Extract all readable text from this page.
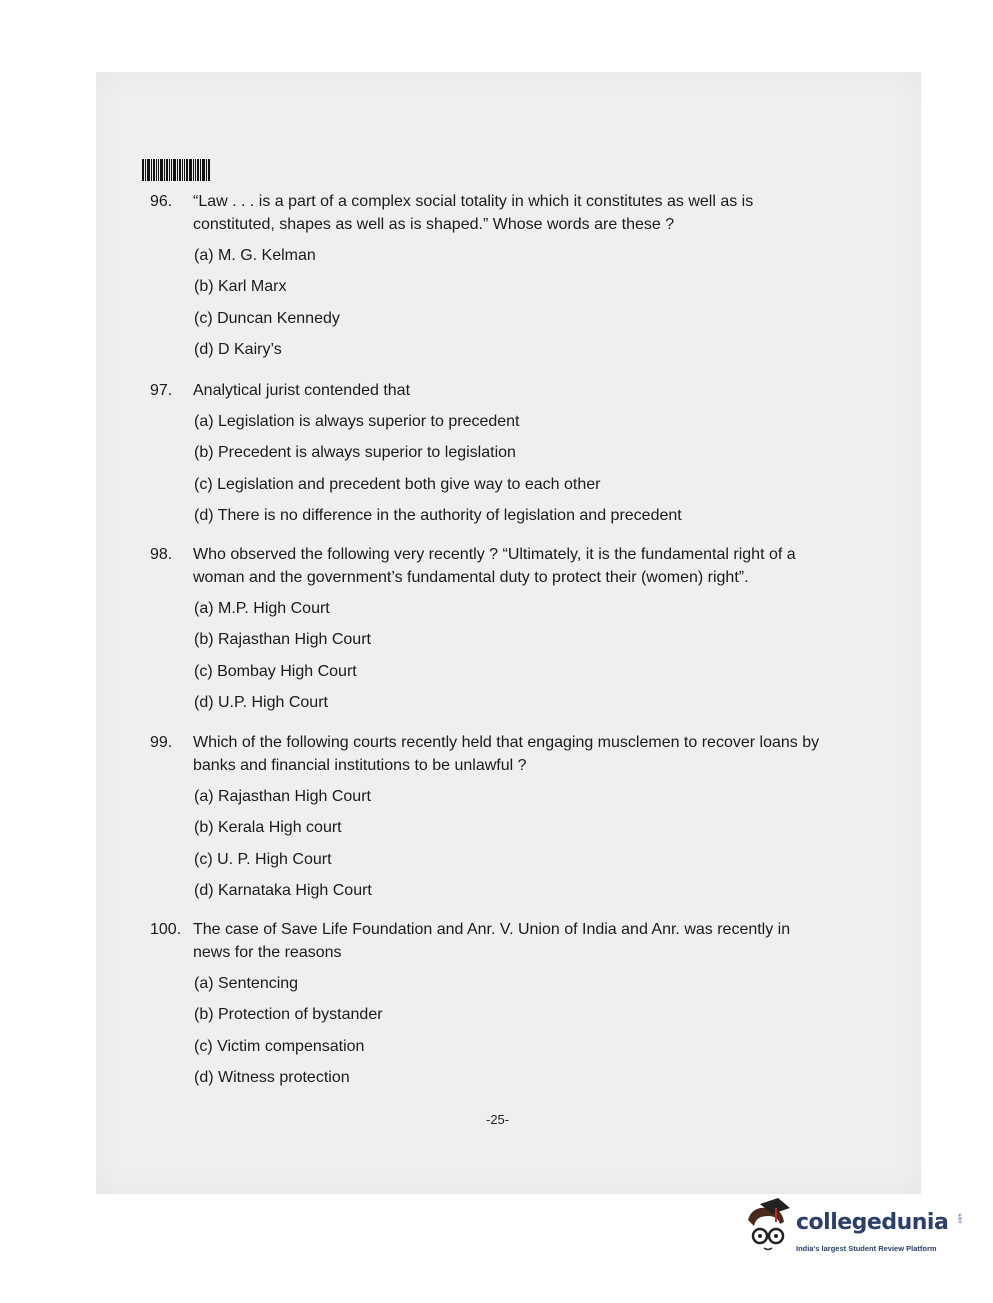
96.	“Law . . . is a part of a complex social totality in which it constitutes as well as is constituted, shapes as well as is shaped.” Whose words are these ?
(a) M. G. Kelman
(b) Karl Marx
(c) Duncan Kennedy
(d) D Kairy’s
97.	Analytical jurist contended that
(a) Legislation is always superior to precedent
(b) Precedent is always superior to legislation
(c) Legislation and precedent both give way to each other
(d) There is no difference in the authority of legislation and precedent
98.	Who observed the following very recently ? “Ultimately, it is the fundamental right of a woman and the government’s fundamental duty to protect their (women) right”.
(a) M.P. High Court
(b) Rajasthan High Court
(c) Bombay High Court
(d) U.P. High Court
99.	Which of the following courts recently held that engaging musclemen to recover loans by banks and financial institutions to be unlawful ?
(a) Rajasthan High Court
(b) Kerala High court
(c) U. P. High Court
(d) Karnataka High Court
100. The case of Save Life Foundation and Anr. V. Union of India and Anr. was recently in news for the reasons
(a) Sentencing
(b) Protection of bystander
(c) Victim compensation
(d) Witness protection
-25-
collegedunia .com
India's largest Student Review Platform
